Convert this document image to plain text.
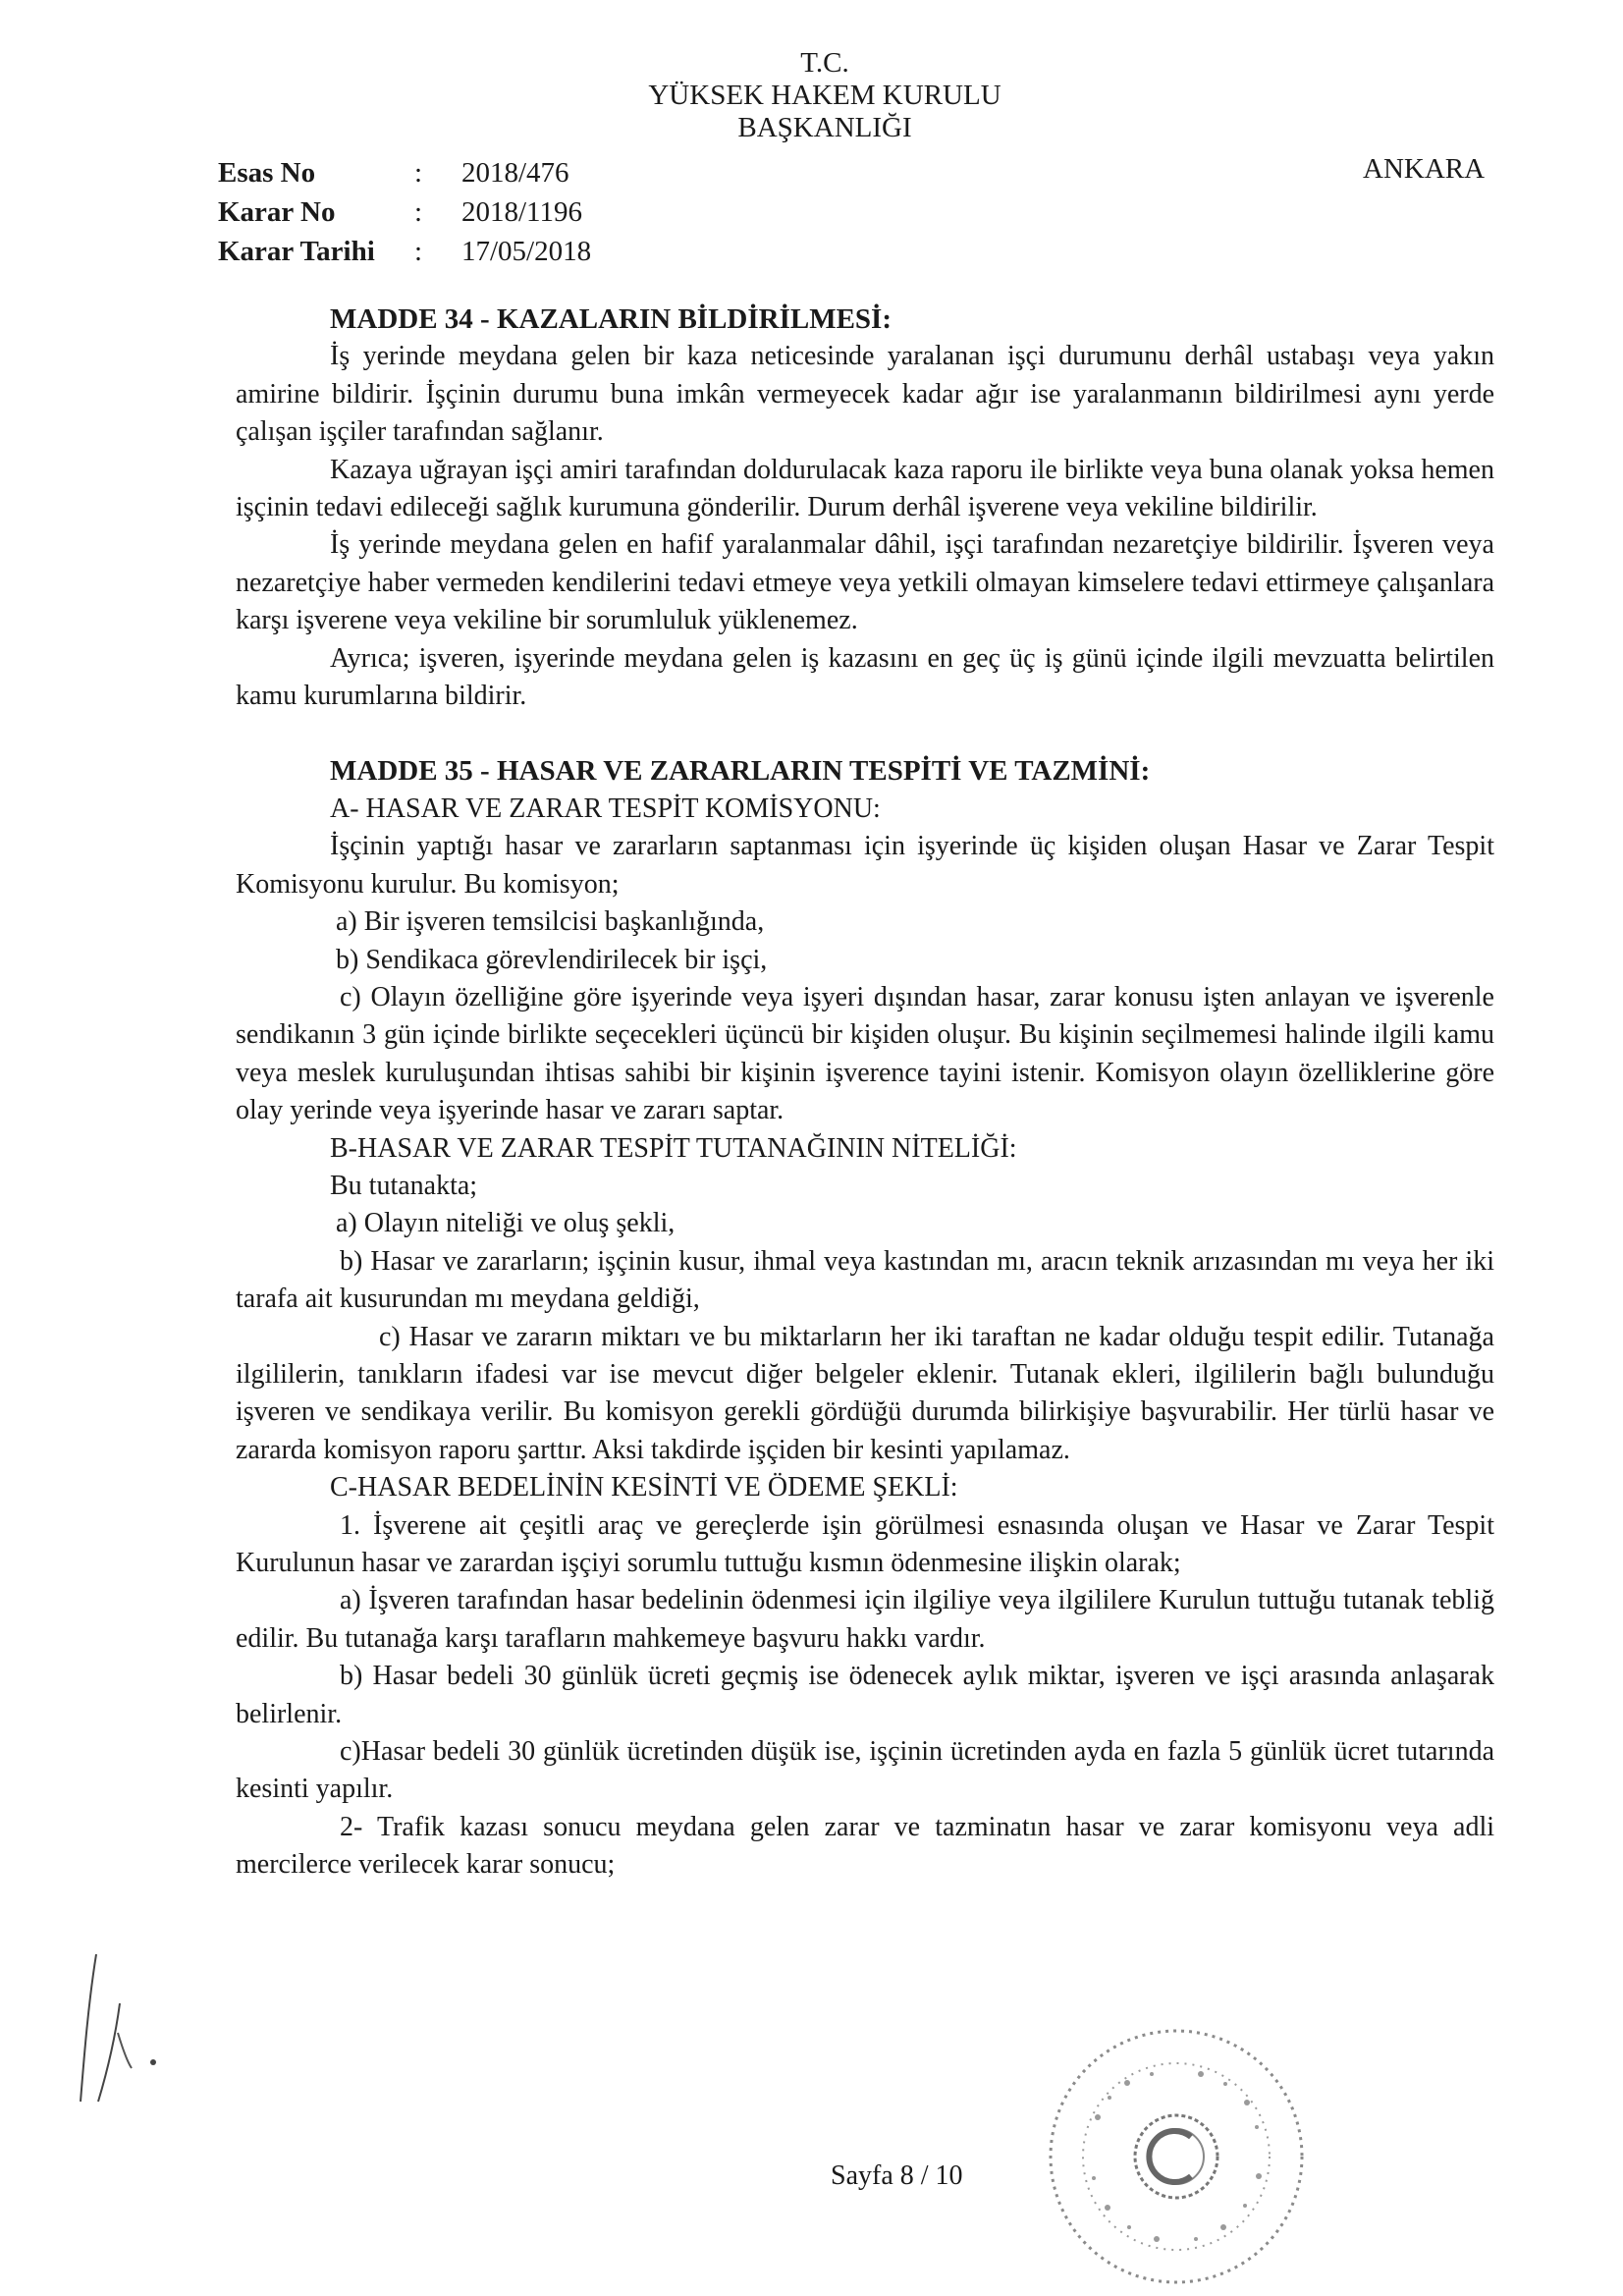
T.C.
YÜKSEK HAKEM KURULU
BAŞKANLIĞI
ANKARA
Esas No	:	2018/476
Karar No	:	2018/1196
Karar Tarihi	:	17/05/2018

MADDE 34 - KAZALARIN BİLDİRİLMESİ:

İş yerinde meydana gelen bir kaza neticesinde yaralanan işçi durumunu derhâl ustabaşı veya yakın amirine bildirir. İşçinin durumu buna imkân vermeyecek kadar ağır ise yaralanmanın bildirilmesi aynı yerde çalışan işçiler tarafından sağlanır.

Kazaya uğrayan işçi amiri tarafından doldurulacak kaza raporu ile birlikte veya buna olanak yoksa hemen işçinin tedavi edileceği sağlık kurumuna gönderilir. Durum derhâl işverene veya vekiline bildirilir.

İş yerinde meydana gelen en hafif yaralanmalar dâhil, işçi tarafından nezaretçiye bildirilir. İşveren veya nezaretçiye haber vermeden kendilerini tedavi etmeye veya yetkili olmayan kimselere tedavi ettirmeye çalışanlara karşı işverene veya vekiline bir sorumluluk yüklenemez.

Ayrıca; işveren, işyerinde meydana gelen iş kazasını en geç üç iş günü içinde ilgili mevzuatta belirtilen kamu kurumlarına bildirir.

MADDE 35 - HASAR VE ZARARLARIN TESPİTİ VE TAZMİNİ:

A- HASAR VE ZARAR TESPİT KOMİSYONU:

İşçinin yaptığı hasar ve zararların saptanması için işyerinde üç kişiden oluşan Hasar ve Zarar Tespit Komisyonu kurulur. Bu komisyon;

a) Bir işveren temsilcisi başkanlığında,

b) Sendikaca görevlendirilecek bir işçi,

c) Olayın özelliğine göre işyerinde veya işyeri dışından hasar, zarar konusu işten anlayan ve işverenle sendikanın 3 gün içinde birlikte seçecekleri üçüncü bir kişiden oluşur. Bu kişinin seçilmemesi halinde ilgili kamu veya meslek kuruluşundan ihtisas sahibi bir kişinin işverence tayini istenir. Komisyon olayın özelliklerine göre olay yerinde veya işyerinde hasar ve zararı saptar.

B-HASAR VE ZARAR TESPİT TUTANAĞININ NİTELİĞİ:

Bu tutanakta;

a) Olayın niteliği ve oluş şekli,

b) Hasar ve zararların; işçinin kusur, ihmal veya kastından mı, aracın teknik arızasından mı veya her iki tarafa ait kusurundan mı meydana geldiği,

c) Hasar ve zararın miktarı ve bu miktarların her iki taraftan ne kadar olduğu tespit edilir. Tutanağa ilgililerin, tanıkların ifadesi var ise mevcut diğer belgeler eklenir. Tutanak ekleri, ilgililerin bağlı bulunduğu işveren ve sendikaya verilir. Bu komisyon gerekli gördüğü durumda bilirkişiye başvurabilir. Her türlü hasar ve zararda komisyon raporu şarttır. Aksi takdirde işçiden bir kesinti yapılamaz.

C-HASAR BEDELİNİN KESİNTİ VE ÖDEME ŞEKLİ:

1. İşverene ait çeşitli araç ve gereçlerde işin görülmesi esnasında oluşan ve Hasar ve Zarar Tespit Kurulunun hasar ve zarardan işçiyi sorumlu tuttuğu kısmın ödenmesine ilişkin olarak;

a) İşveren tarafından hasar bedelinin ödenmesi için ilgiliye veya ilgililere Kurulun tuttuğu tutanak tebliğ edilir. Bu tutanağa karşı tarafların mahkemeye başvuru hakkı vardır.

b) Hasar bedeli 30 günlük ücreti geçmiş ise ödenecek aylık miktar, işveren ve işçi arasında anlaşarak belirlenir.

c)Hasar bedeli 30 günlük ücretinden düşük ise, işçinin ücretinden ayda en fazla 5 günlük ücret tutarında kesinti yapılır.

2- Trafik kazası sonucu meydana gelen zarar ve tazminatın hasar ve zarar komisyonu veya adli mercilerce verilecek karar sonucu;

Sayfa 8 / 10
